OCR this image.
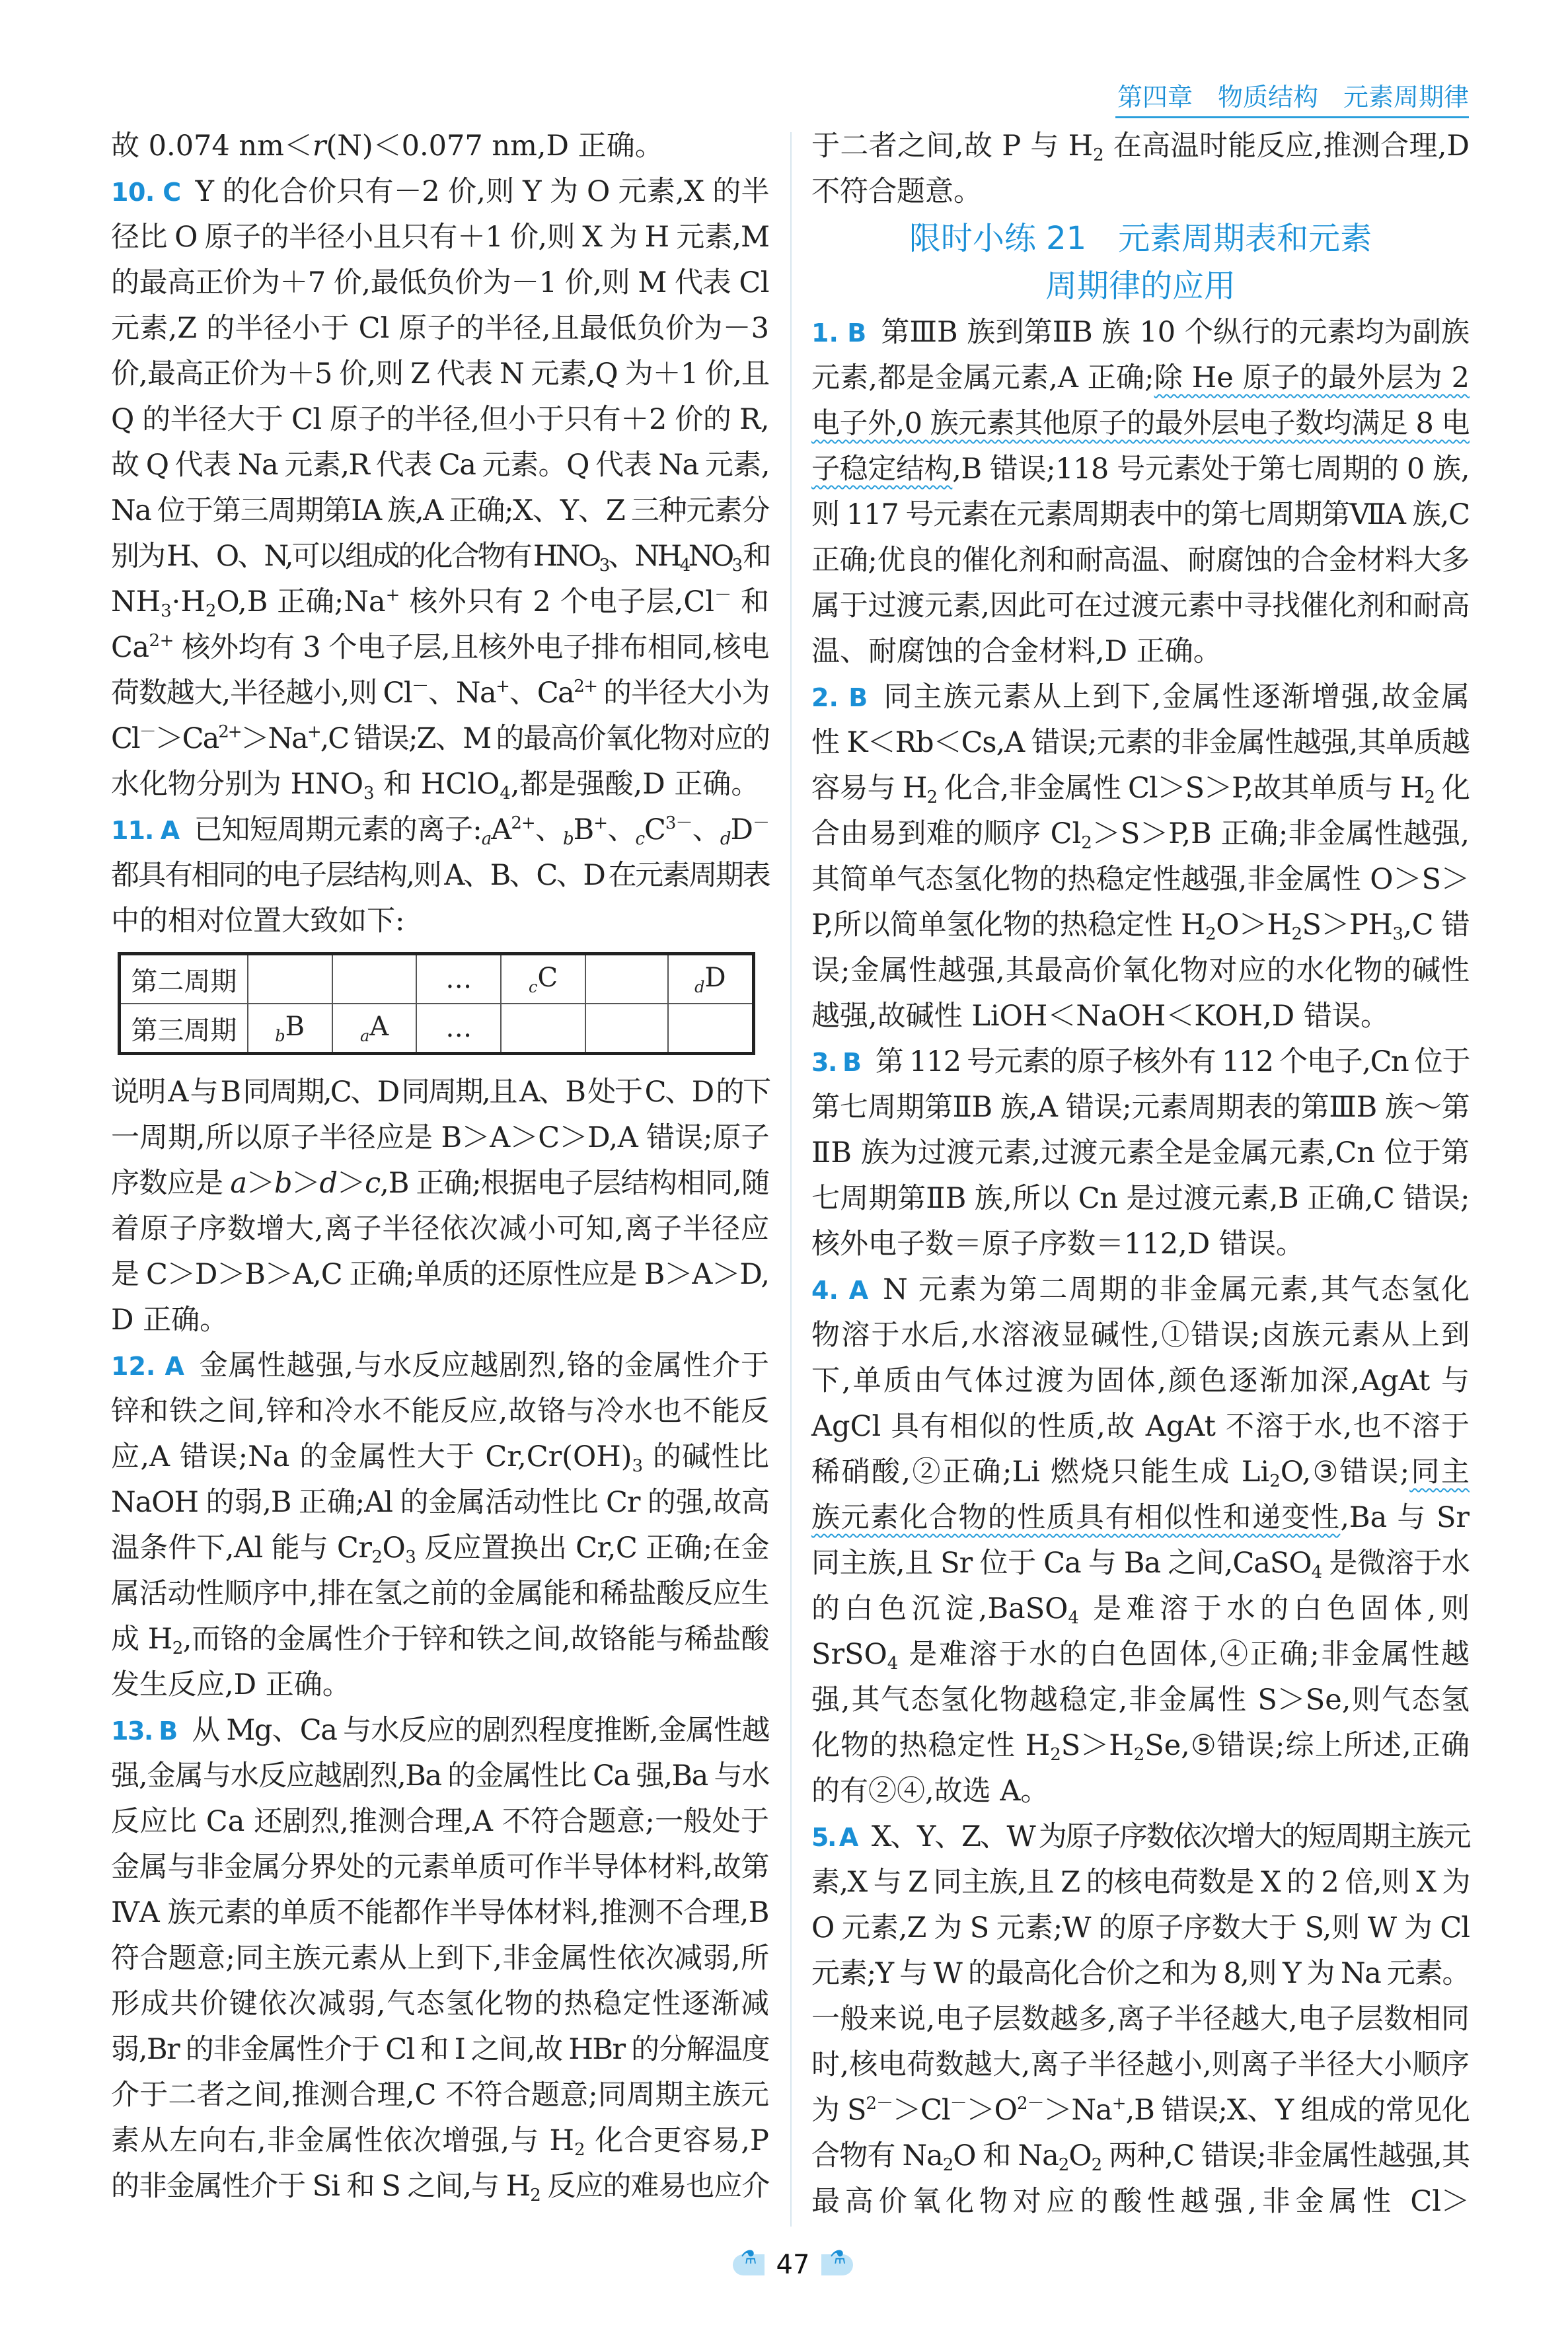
第四章　物质结构　元素周期律
故 0.074 nm＜r(N)＜0.077 nm,D 正确。
10. C Y 的化合价只有－2 价,则 Y 为 O 元素,X 的半
径比 O 原子的半径小且只有＋1 价,则 X 为 H 元素,M
的最高正价为＋7 价,最低负价为－1 价,则 M 代表 Cl
元素,Z 的半径小于 Cl 原子的半径,且最低负价为－3
价,最高正价为＋5 价,则 Z 代表 N 元素,Q 为＋1 价,且
Q 的半径大于 Cl 原子的半径,但小于只有＋2 价的 R,
故 Q 代表 Na 元素,R 代表 Ca 元素。Q 代表 Na 元素,
Na 位于第三周期第ⅠA 族,A 正确;X、Y、Z 三种元素分
别为 H、O、N,可以组成的化合物有 $HNO_3$、$NH_4NO_3$ 和
$NH_3\cdot H_2O,B$ 正确;Na+ 核外只有 2 个电子层,Cl－ 和
$Ca^{2+}$ 核外均有 3 个电子层,且核外电子排布相同,核电
荷数越大,半径越小,则 Cl－、Na+、$Ca^{2+}$ 的半径大小为
$Cl^->Ca^{2+}>Na^+,C$ 错误;Z、M 的最高价氧化物对应的
水化物分别为 $HNO_3$ 和 HClO$_4$,都是强酸,D 正确。
11. A 已知短周期元素的离子$:_aA^{2+}$、$_b$B+、$_cC^{3-}$、$_d$D－
都具有相同的电子层结构,则 A、B、C、D 在元素周期表
中的相对位置大致如下:
第二周期			…	$_c$C		$_d$D
第三周期	$_b$B	$_a$A	…			
说明 A 与 B 同周期,C、D 同周期,且 A、B 处于 C、D 的下
一周期,所以原子半径应是 B＞A＞C＞D,A 错误;原子
序数应是 a＞b＞d＞c,B 正确;根据电子层结构相同,随
着原子序数增大,离子半径依次减小可知,离子半径应
是 C＞D＞B＞A,C 正确;单质的还原性应是 B＞A＞D,
D 正确。
12. A 金属性越强,与水反应越剧烈,铬的金属性介于
锌和铁之间,锌和冷水不能反应,故铬与冷水也不能反
应,A 错误;Na 的金属性大于 $Cr,Cr(OH)_3$ 的碱性比
NaOH 的弱,B 正确;Al 的金属活动性比 Cr 的强,故高
温条件下,Al 能与 $Cr_2O_3$ 反应置换出 Cr,C 正确;在金
属活动性顺序中,排在氢之前的金属能和稀盐酸反应生
成 $H_2$,而铬的金属性介于锌和铁之间,故铬能与稀盐酸
发生反应,D 正确。
13. B 从 Mg、Ca 与水反应的剧烈程度推断,金属性越
强,金属与水反应越剧烈,Ba 的金属性比 Ca 强,Ba 与水
反应比 Ca 还剧烈,推测合理,A 不符合题意;一般处于
金属与非金属分界处的元素单质可作半导体材料,故第
ⅣA 族元素的单质不能都作半导体材料,推测不合理,B
符合题意;同主族元素从上到下,非金属性依次减弱,所
形成共价键依次减弱,气态氢化物的热稳定性逐渐减
弱,Br 的非金属性介于 Cl 和 I 之间,故 HBr 的分解温度
介于二者之间,推测合理,C 不符合题意;同周期主族元
素从左向右,非金属性依次增强,与 $H_2$ 化合更容易,P
的非金属性介于 Si 和 S 之间,与 $H_2$ 反应的难易也应介
于二者之间,故 P 与 $H_2$ 在高温时能反应,推测合理,D
不符合题意。
限时小练 21　元素周期表和元素
周期律的应用
1. B 第ⅢB 族到第ⅡB 族 10 个纵行的元素均为副族
元素,都是金属元素,A 正确;除 He 原子的最外层为 2
电子外,0 族元素其他原子的最外层电子数均满足 8 电
子稳定结构,B 错误;118 号元素处于第七周期的 0 族,
则 117 号元素在元素周期表中的第七周期第ⅦA 族,C
正确;优良的催化剂和耐高温、耐腐蚀的合金材料大多
属于过渡元素,因此可在过渡元素中寻找催化剂和耐高
温、耐腐蚀的合金材料,D 正确。
2. B 同主族元素从上到下,金属性逐渐增强,故金属
性 K＜Rb＜Cs,A 错误;元素的非金属性越强,其单质越
容易与 $H_2$ 化合,非金属性 Cl＞S＞P,故其单质与 $H_2$ 化
合由易到难的顺序 $Cl_2>S>P,B$ 正确;非金属性越强,
其简单气态氢化物的热稳定性越强,非金属性 O＞S＞
P,所以简单氢化物的热稳定性 $H_2O>H_2S>PH_3,C$ 错
误;金属性越强,其最高价氧化物对应的水化物的碱性
越强,故碱性 LiOH＜NaOH＜KOH,D 错误。
3. B 第 112 号元素的原子核外有 112 个电子,Cn 位于
第七周期第ⅡB 族,A 错误;元素周期表的第ⅢB 族～第
ⅡB 族为过渡元素,过渡元素全是金属元素,Cn 位于第
七周期第ⅡB 族,所以 Cn 是过渡元素,B 正确,C 错误;
核外电子数＝原子序数＝112,D 错误。
4. A N 元素为第二周期的非金属元素,其气态氢化
物溶于水后,水溶液显碱性,①错误;卤族元素从上到
下,单质由气体过渡为固体,颜色逐渐加深,AgAt 与
AgCl 具有相似的性质,故 AgAt 不溶于水,也不溶于
稀硝酸,②正确;Li 燃烧只能生成 $Li_2O,③$错误;同主
族元素化合物的性质具有相似性和递变性,Ba 与 Sr
同主族,且 Sr 位于 Ca 与 Ba 之间,CaSO$_4$ 是微溶于水
的白色沉淀,BaSO$_4$ 是难溶于水的白色固体,则
SrSO$_4$ 是难溶于水的白色固体,④正确;非金属性越
强,其气态氢化物越稳定,非金属性 S＞Se,则气态氢
化物的热稳定性 $H_2S>H_2Se,⑤$错误;综上所述,正确
的有②④,故选 A。
5. A X、Y、Z、W 为原子序数依次增大的短周期主族元
素,X 与 Z 同主族,且 Z 的核电荷数是 X 的 2 倍,则 X 为
O 元素,Z 为 S 元素;W 的原子序数大于 S,则 W 为 Cl
元素;Y 与 W 的最高化合价之和为 8,则 Y 为 Na 元素。
一般来说,电子层数越多,离子半径越大,电子层数相同
时,核电荷数越大,离子半径越小,则离子半径大小顺序
为 $S^{2-}>Cl^->O^{2-}>Na^+,B$ 错误;X、Y 组成的常见化
合物有 $Na_2O$ 和 $Na_2O_2$ 两种,C 错误;非金属性越强,其
最高价氧化物对应的酸性越强,非金属性 Cl＞
⚗ 47 ⚗
